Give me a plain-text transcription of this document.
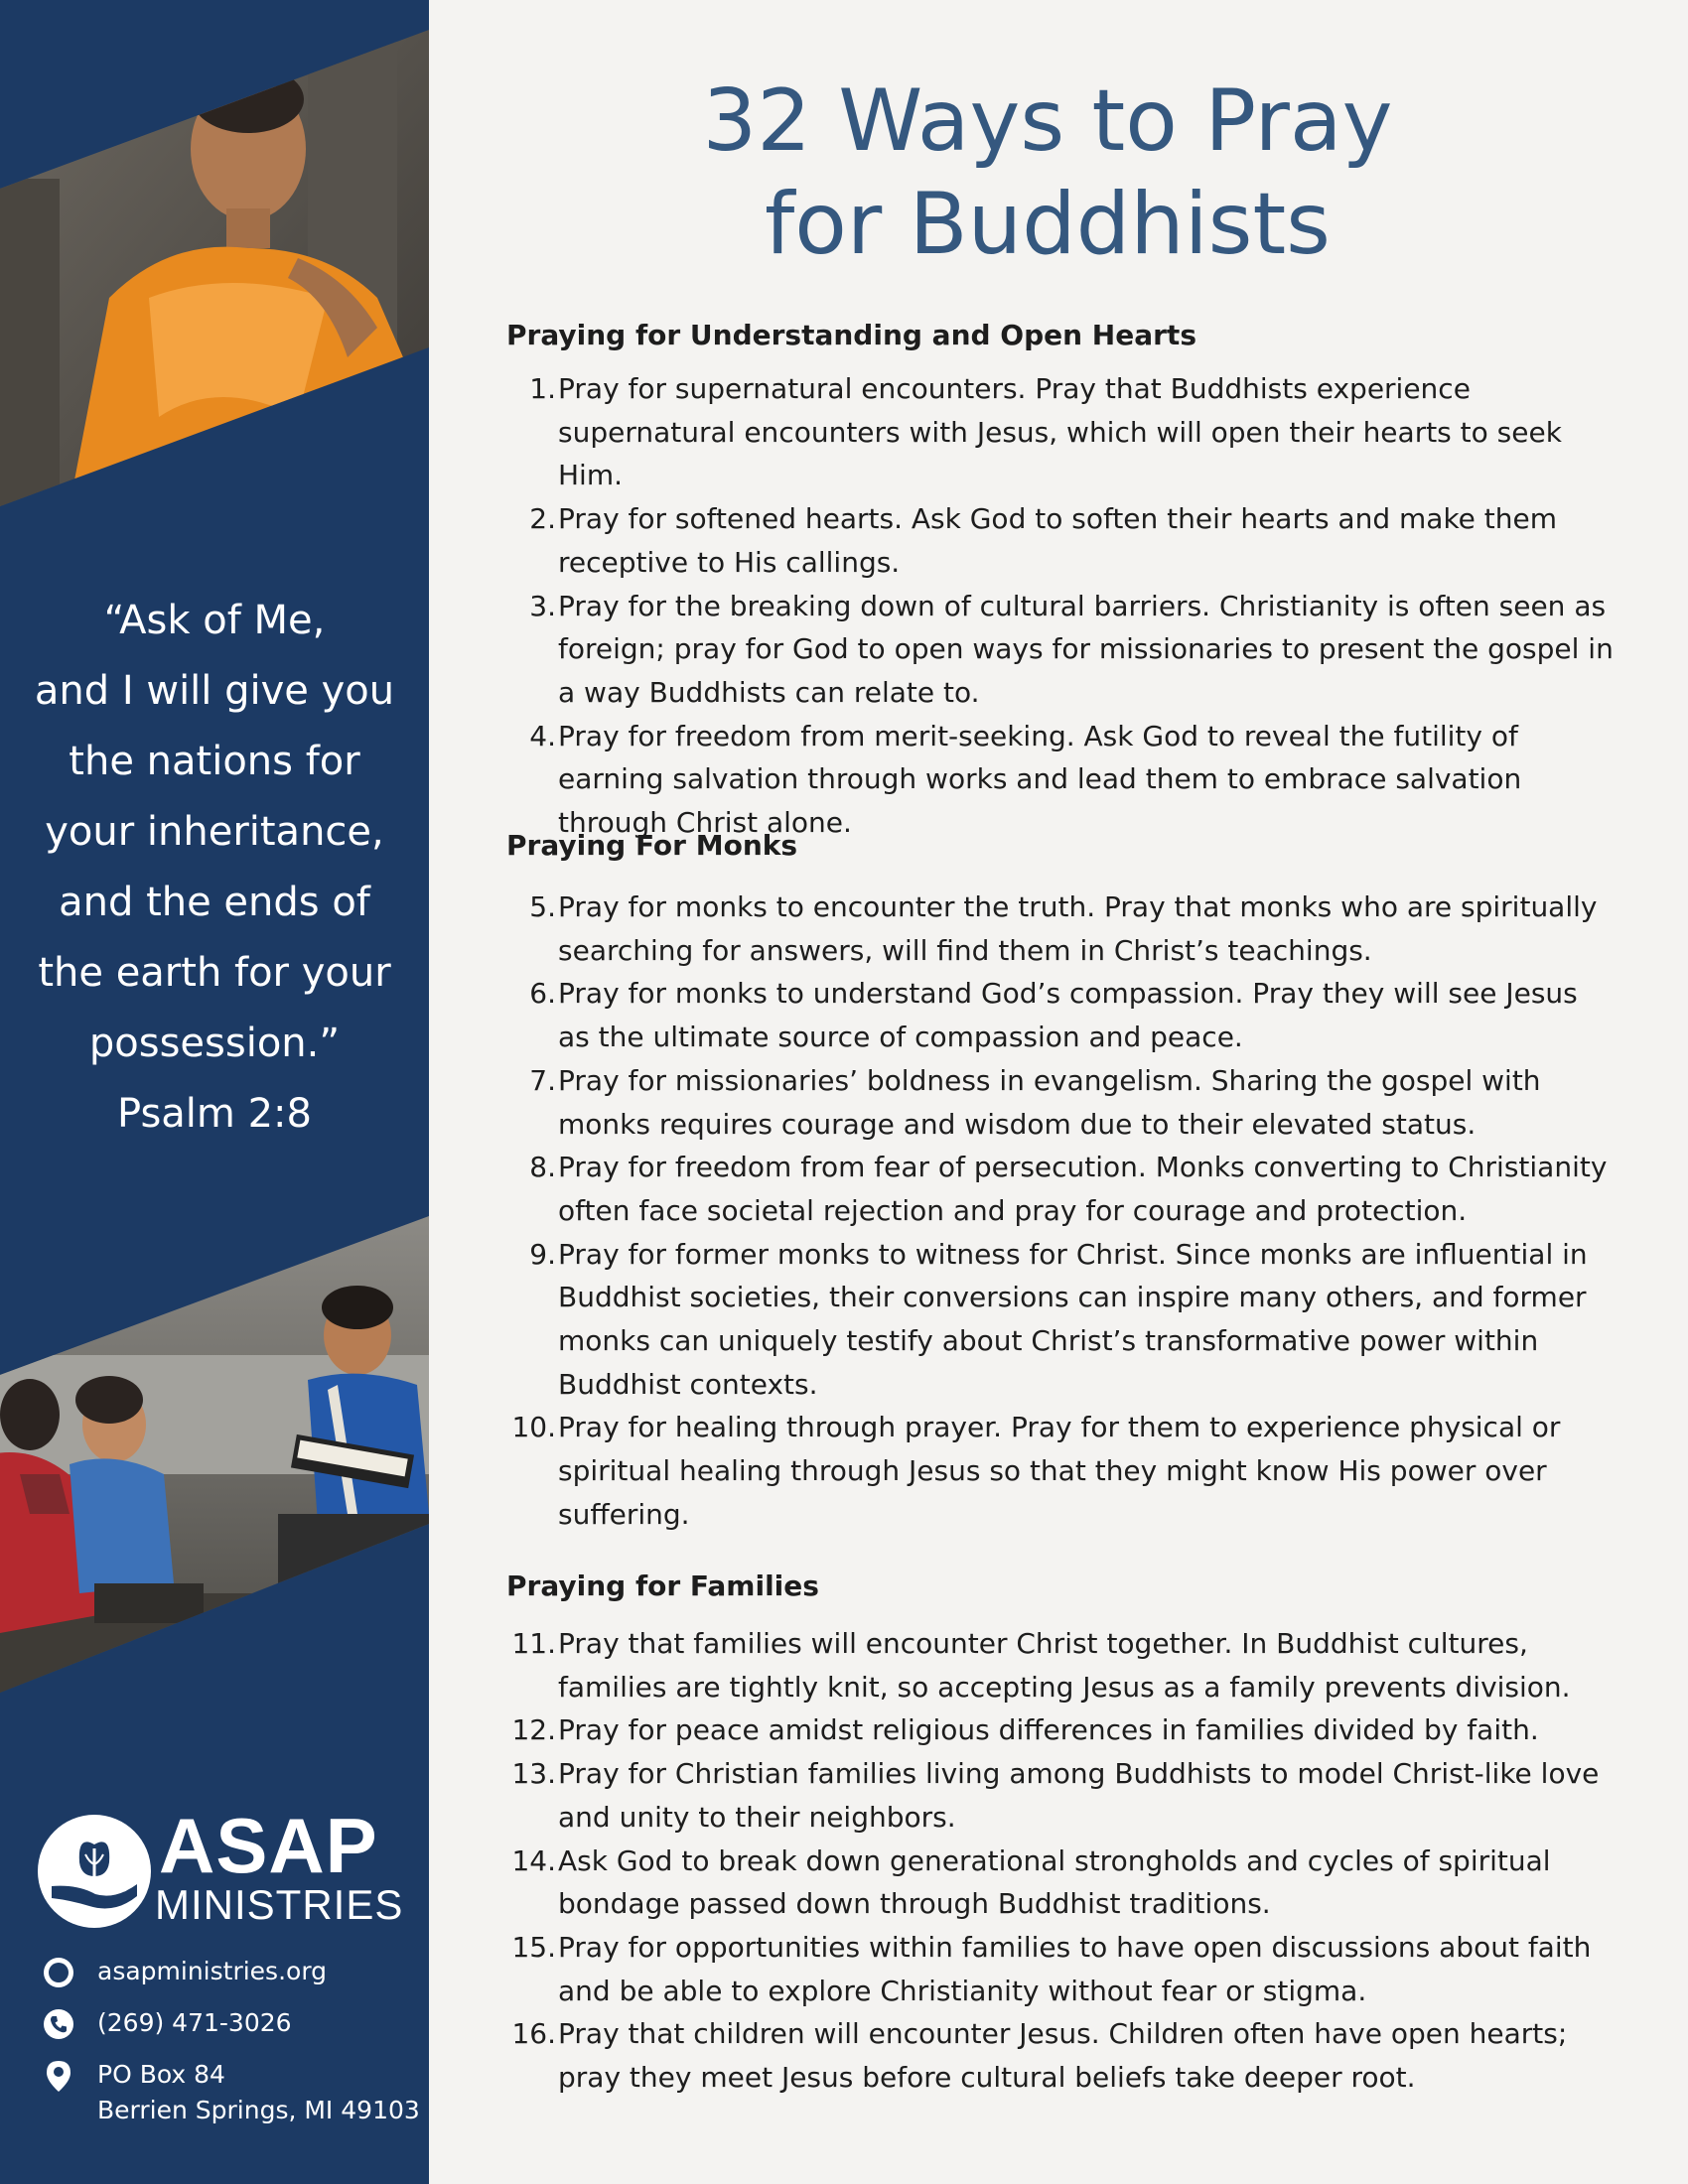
“Ask of Me,
and I will give you
the nations for
your inheritance,
and the ends of
the earth for your
possession.”
Psalm 2:8
ASAP
MINISTRIES
asapministries.org
(269) 471-3026
PO Box 84
Berrien Springs, MI 49103
32 Ways to Pray
for Buddhists
Praying for Understanding and Open Hearts
1. Pray for supernatural encounters. Pray that Buddhists experience supernatural encounters with Jesus, which will open their hearts to seek Him.
2. Pray for softened hearts. Ask God to soften their hearts and make them receptive to His callings.
3. Pray for the breaking down of cultural barriers. Christianity is often seen as foreign; pray for God to open ways for missionaries to present the gospel in a way Buddhists can relate to.
4. Pray for freedom from merit-seeking. Ask God to reveal the futility of earning salvation through works and lead them to embrace salvation through Christ alone.
Praying For Monks
5. Pray for monks to encounter the truth. Pray that monks who are spiritually searching for answers, will find them in Christ’s teachings.
6. Pray for monks to understand God’s compassion. Pray they will see Jesus as the ultimate source of compassion and peace.
7. Pray for missionaries’ boldness in evangelism. Sharing the gospel with monks requires courage and wisdom due to their elevated status.
8. Pray for freedom from fear of persecution. Monks converting to Christianity often face societal rejection and pray for courage and protection.
9. Pray for former monks to witness for Christ. Since monks are influential in Buddhist societies, their conversions can inspire many others, and former monks can uniquely testify about Christ’s transformative power within Buddhist contexts.
10. Pray for healing through prayer. Pray for them to experience physical or spiritual healing through Jesus so that they might know His power over suffering.
Praying for Families
11. Pray that families will encounter Christ together. In Buddhist cultures, families are tightly knit, so accepting Jesus as a family prevents division.
12. Pray for peace amidst religious differences in families divided by faith.
13. Pray for Christian families living among Buddhists to model Christ-like love and unity to their neighbors.
14. Ask God to break down generational strongholds and cycles of spiritual bondage passed down through Buddhist traditions.
15. Pray for opportunities within families to have open discussions about faith and be able to explore Christianity without fear or stigma.
16. Pray that children will encounter Jesus. Children often have open hearts; pray they meet Jesus before cultural beliefs take deeper root.
